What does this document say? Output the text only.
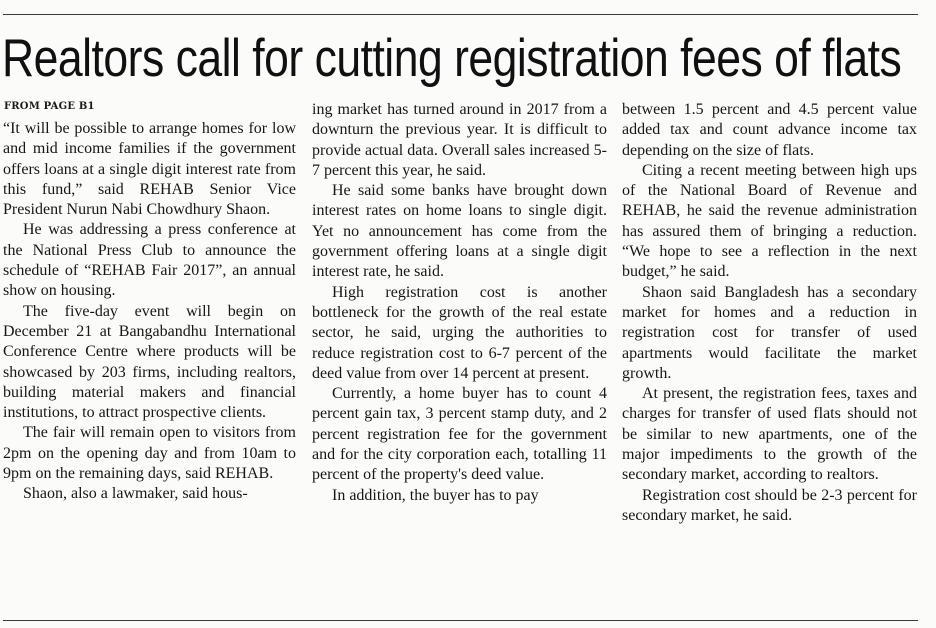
Realtors call for cutting registration fees of flats
FROM PAGE B1

“It will be possible to arrange homes for low and mid income families if the government offers loans at a single digit interest rate from this fund,” said REHAB Senior Vice President Nurun Nabi Chowdhury Shaon.

He was addressing a press conference at the National Press Club to announce the schedule of “REHAB Fair 2017”, an annual show on housing.

The five-day event will begin on December 21 at Bangabandhu International Conference Centre where products will be showcased by 203 firms, including realtors, building material makers and financial institutions, to attract prospective clients.

The fair will remain open to visitors from 2pm on the opening day and from 10am to 9pm on the remaining days, said REHAB.

Shaon, also a lawmaker, said hous-

ing market has turned around in 2017 from a downturn the previous year. It is difficult to provide actual data. Overall sales increased 5-7 percent this year, he said.

He said some banks have brought down interest rates on home loans to single digit. Yet no announcement has come from the government offering loans at a single digit interest rate, he said.

High registration cost is another bottleneck for the growth of the real estate sector, he said, urging the authorities to reduce registration cost to 6-7 percent of the deed value from over 14 percent at present.

Currently, a home buyer has to count 4 percent gain tax, 3 percent stamp duty, and 2 percent registration fee for the government and for the city corporation each, totalling 11 percent of the property's deed value.

In addition, the buyer has to pay

between 1.5 percent and 4.5 percent value added tax and count advance income tax depending on the size of flats.

Citing a recent meeting between high ups of the National Board of Revenue and REHAB, he said the revenue administration has assured them of bringing a reduction. “We hope to see a reflection in the next budget,” he said.

Shaon said Bangladesh has a secondary market for homes and a reduction in registration cost for transfer of used apartments would facilitate the market growth.

At present, the registration fees, taxes and charges for transfer of used flats should not be similar to new apartments, one of the major impediments to the growth of the secondary market, according to realtors.

Registration cost should be 2-3 percent for secondary market, he said.
